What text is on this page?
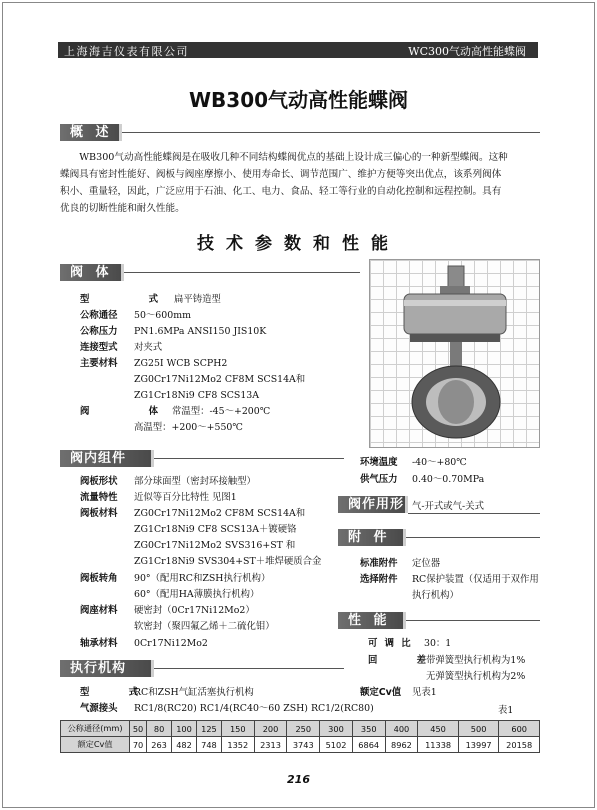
上海海吉仪表有限公司	WC300气动高性能蝶阀
WB300气动高性能蝶阀
概 述
WB300气动高性能蝶阀是在吸收几种不同结构蝶阀优点的基础上设计成三偏心的一种新型蝶阀。这种
蝶阀具有密封性能好、阀板与阀座摩擦小、使用寿命长、调节范围广、维护方便等突出优点，该系列阀体
积小、重量轻，因此，广泛应用于石油、化工、电力、食品、轻工等行业的自动化控制和远程控制。具有
优良的切断性能和耐久性能。
技术参数和性能
阀 体
型 式
扁平铸造型
公称通径 50～600mm
公称压力 PN1.6MPa ANSI150 JIS10K
连接型式 对夹式
主要材料 ZG25I WCB SCPH2
ZG0Cr17Ni12Mo2 CF8M SCS14A和
ZG1Cr18Ni9 CF8 SCS13A
阀 体
常温型：-45～+200℃
高温型：+200～+550℃
环境温度 -40～+80℃
供气压力 0.40～0.70MPa
阀作用形式
气-开式或气-关式
附 件
标准附件 定位器
选择附件 RC保护装置（仅适用于双作用
执行机构）
性 能
可 调 比 30：1
回 差
带弹簧型执行机构为1%
无弹簧型执行机构为2%
额定Cv值 见表1
阀内组件
阀板形状 部分球面型（密封环接触型）
流量特性 近似等百分比特性 见图1
阀板材料 ZG0Cr17Ni12Mo2 CF8M SCS14A和
ZG1Cr18Ni9 CF8 SCS13A＋镀硬铬
ZG0Cr17Ni12Mo2 SVS316+ST 和
ZG1Cr18Ni9 SVS304+ST＋堆焊硬质合金
阀板转角 90°（配用RC和ZSH执行机构）
60°（配用HA薄膜执行机构）
阀座材料 硬密封（0Cr17Ni12Mo2）
软密封（聚四氟乙烯＋二硫化钼）
轴承材料 0Cr17Ni12Mo2
执行机构
型 式
RC和ZSH气缸活塞执行机构
气源接头 RC1/8(RC20) RC1/4(RC40～60 ZSH) RC1/2(RC80)	表1
公称通径(mm)	50	80	100	125	150	200	250	300	350	400	450	500	600
额定Cv值	70	263	482	748	1352	2313	3743	5102	6864	8962	11338	13997	20158
216
